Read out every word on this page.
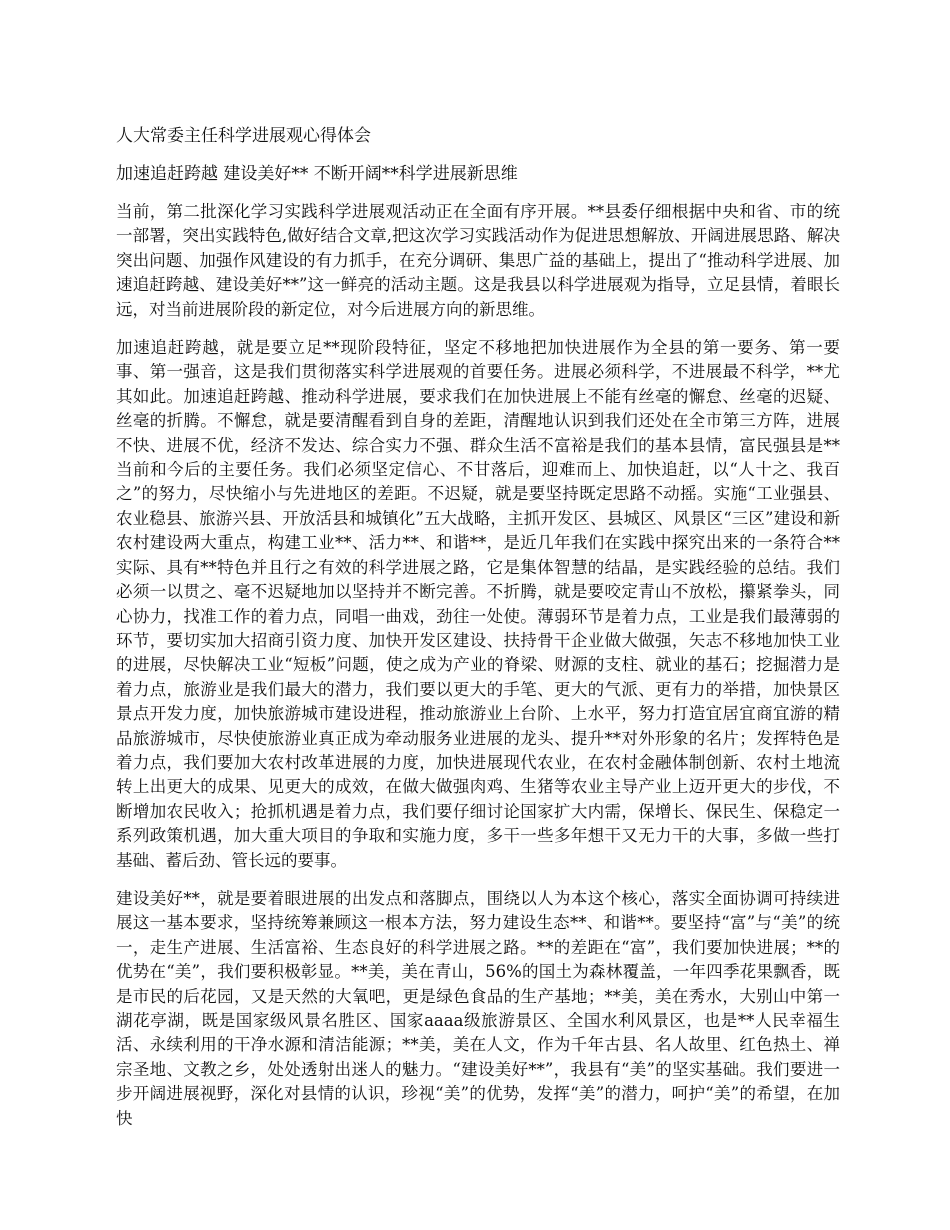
人大常委主任科学进展观心得体会
加速追赶跨越 建设美好** 不断开阔**科学进展新思维

当前，第二批深化学习实践科学进展观活动正在全面有序开展。**县委仔细根据中央和省、市的统一部署，突出实践特色,做好结合文章,把这次学习实践活动作为促进思想解放、开阔进展思路、解决突出问题、加强作风建设的有力抓手，在充分调研、集思广益的基础上，提出了“推动科学进展、加速追赶跨越、建设美好**”这一鲜亮的活动主题。这是我县以科学进展观为指导，立足县情，着眼长远，对当前进展阶段的新定位，对今后进展方向的新思维。

加速追赶跨越，就是要立足**现阶段特征，坚定不移地把加快进展作为全县的第一要务、第一要事、第一强音，这是我们贯彻落实科学进展观的首要任务。进展必须科学，不进展最不科学，**尤其如此。加速追赶跨越、推动科学进展，要求我们在加快进展上不能有丝毫的懈怠、丝毫的迟疑、丝毫的折腾。不懈怠，就是要清醒看到自身的差距，清醒地认识到我们还处在全市第三方阵，进展不快、进展不优，经济不发达、综合实力不强、群众生活不富裕是我们的基本县情，富民强县是**当前和今后的主要任务。我们必须坚定信心、不甘落后，迎难而上、加快追赶，以“人十之、我百之”的努力，尽快缩小与先进地区的差距。不迟疑，就是要坚持既定思路不动摇。实施“工业强县、农业稳县、旅游兴县、开放活县和城镇化”五大战略，主抓开发区、县城区、风景区“三区”建设和新农村建设两大重点，构建工业**、活力**、和谐**，是近几年我们在实践中探究出来的一条符合**实际、具有**特色并且行之有效的科学进展之路，它是集体智慧的结晶，是实践经验的总结。我们必须一以贯之、毫不迟疑地加以坚持并不断完善。不折腾，就是要咬定青山不放松，攥紧拳头，同心协力，找准工作的着力点，同唱一曲戏，劲往一处使。薄弱环节是着力点，工业是我们最薄弱的环节，要切实加大招商引资力度、加快开发区建设、扶持骨干企业做大做强，矢志不移地加快工业的进展，尽快解决工业“短板”问题，使之成为产业的脊梁、财源的支柱、就业的基石；挖掘潜力是着力点，旅游业是我们最大的潜力，我们要以更大的手笔、更大的气派、更有力的举措，加快景区景点开发力度，加快旅游城市建设进程，推动旅游业上台阶、上水平，努力打造宜居宜商宜游的精品旅游城市，尽快使旅游业真正成为牵动服务业进展的龙头、提升**对外形象的名片；发挥特色是着力点，我们要加大农村改革进展的力度，加快进展现代农业，在农村金融体制创新、农村土地流转上出更大的成果、见更大的成效，在做大做强肉鸡、生猪等农业主导产业上迈开更大的步伐，不断增加农民收入；抢抓机遇是着力点，我们要仔细讨论国家扩大内需，保增长、保民生、保稳定一系列政策机遇，加大重大项目的争取和实施力度，多干一些多年想干又无力干的大事，多做一些打基础、蓄后劲、管长远的要事。

建设美好**，就是要着眼进展的出发点和落脚点，围绕以人为本这个核心，落实全面协调可持续进展这一基本要求，坚持统筹兼顾这一根本方法，努力建设生态**、和谐**。要坚持“富”与“美”的统一，走生产进展、生活富裕、生态良好的科学进展之路。**的差距在“富”，我们要加快进展；**的优势在“美”，我们要积极彰显。**美，美在青山，56%的国土为森林覆盖，一年四季花果飘香，既是市民的后花园，又是天然的大氧吧，更是绿色食品的生产基地；**美，美在秀水，大别山中第一湖花亭湖，既是国家级风景名胜区、国家aaaa级旅游景区、全国水利风景区，也是**人民幸福生活、永续利用的干净水源和清洁能源；**美，美在人文，作为千年古县、名人故里、红色热土、禅宗圣地、文教之乡，处处透射出迷人的魅力。“建设美好**”，我县有“美”的坚实基础。我们要进一步开阔进展视野，深化对县情的认识，珍视“美”的优势，发挥“美”的潜力，呵护“美”的希望，在加快
